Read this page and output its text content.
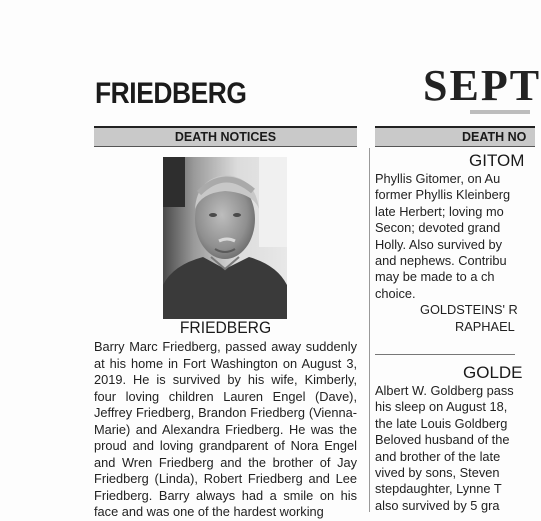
FRIEDBERG	SEPT
DEATH NOTICES	DEATH NO
FRIEDBERG
Barry Marc Friedberg, passed away suddenly at his home in Fort Washington on August 3, 2019. He is survived by his wife, Kimberly, four loving children Lauren Engel (Dave), Jeffrey Friedberg, Brandon Friedberg (Vienna-Marie) and Alexandra Friedberg. He was the proud and loving grandparent of Nora Engel and Wren Friedberg and the brother of Jay Friedberg (Linda), Robert Friedberg and Lee Friedberg. Barry always had a smile on his face and was one of the hardest working
GITOM
Phyllis Gitomer, on Au
former Phyllis Kleinberg
late Herbert; loving mo
Secon; devoted grand
Holly. Also survived by
and nephews. Contribu
may be made to a ch
choice.
GOLDSTEINS' R
RAPHAEL
GOLDE
Albert W. Goldberg pass
his sleep on August 18,
the late Louis Goldberg
Beloved husband of the
and brother of the late
vived by sons, Steven
stepdaughter, Lynne T
also survived by 5 gra
